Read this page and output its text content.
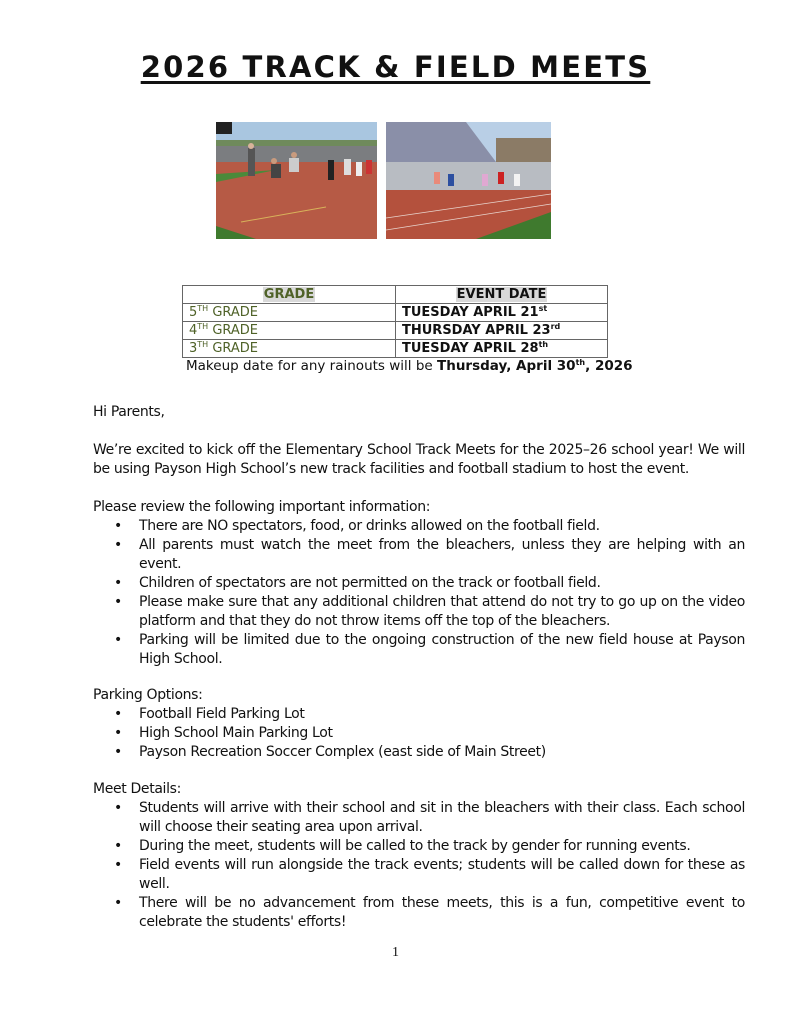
2026 TRACK & FIELD MEETS
GRADE	EVENT DATE
5TH GRADE	TUESDAY APRIL 21st
4TH GRADE	THURSDAY APRIL 23rd
3TH GRADE	TUESDAY APRIL 28th
Makeup date for any rainouts will be Thursday, April 30th, 2026

Hi Parents,

We’re excited to kick off the Elementary School Track Meets for the 2025–26 school year! We will be using Payson High School’s new track facilities and football stadium to host the event.

Please review the following important information:

• There are NO spectators, food, or drinks allowed on the football field.
• All parents must watch the meet from the bleachers, unless they are helping with an event.
• Children of spectators are not permitted on the track or football field.
• Please make sure that any additional children that attend do not try to go up on the video platform and that they do not throw items off the top of the bleachers.
• Parking will be limited due to the ongoing construction of the new field house at Payson High School.

Parking Options:

• Football Field Parking Lot
• High School Main Parking Lot
• Payson Recreation Soccer Complex (east side of Main Street)

Meet Details:

• Students will arrive with their school and sit in the bleachers with their class. Each school will choose their seating area upon arrival.
• During the meet, students will be called to the track by gender for running events.
• Field events will run alongside the track events; students will be called down for these as well.
• There will be no advancement from these meets, this is a fun, competitive event to celebrate the students' efforts!
1
